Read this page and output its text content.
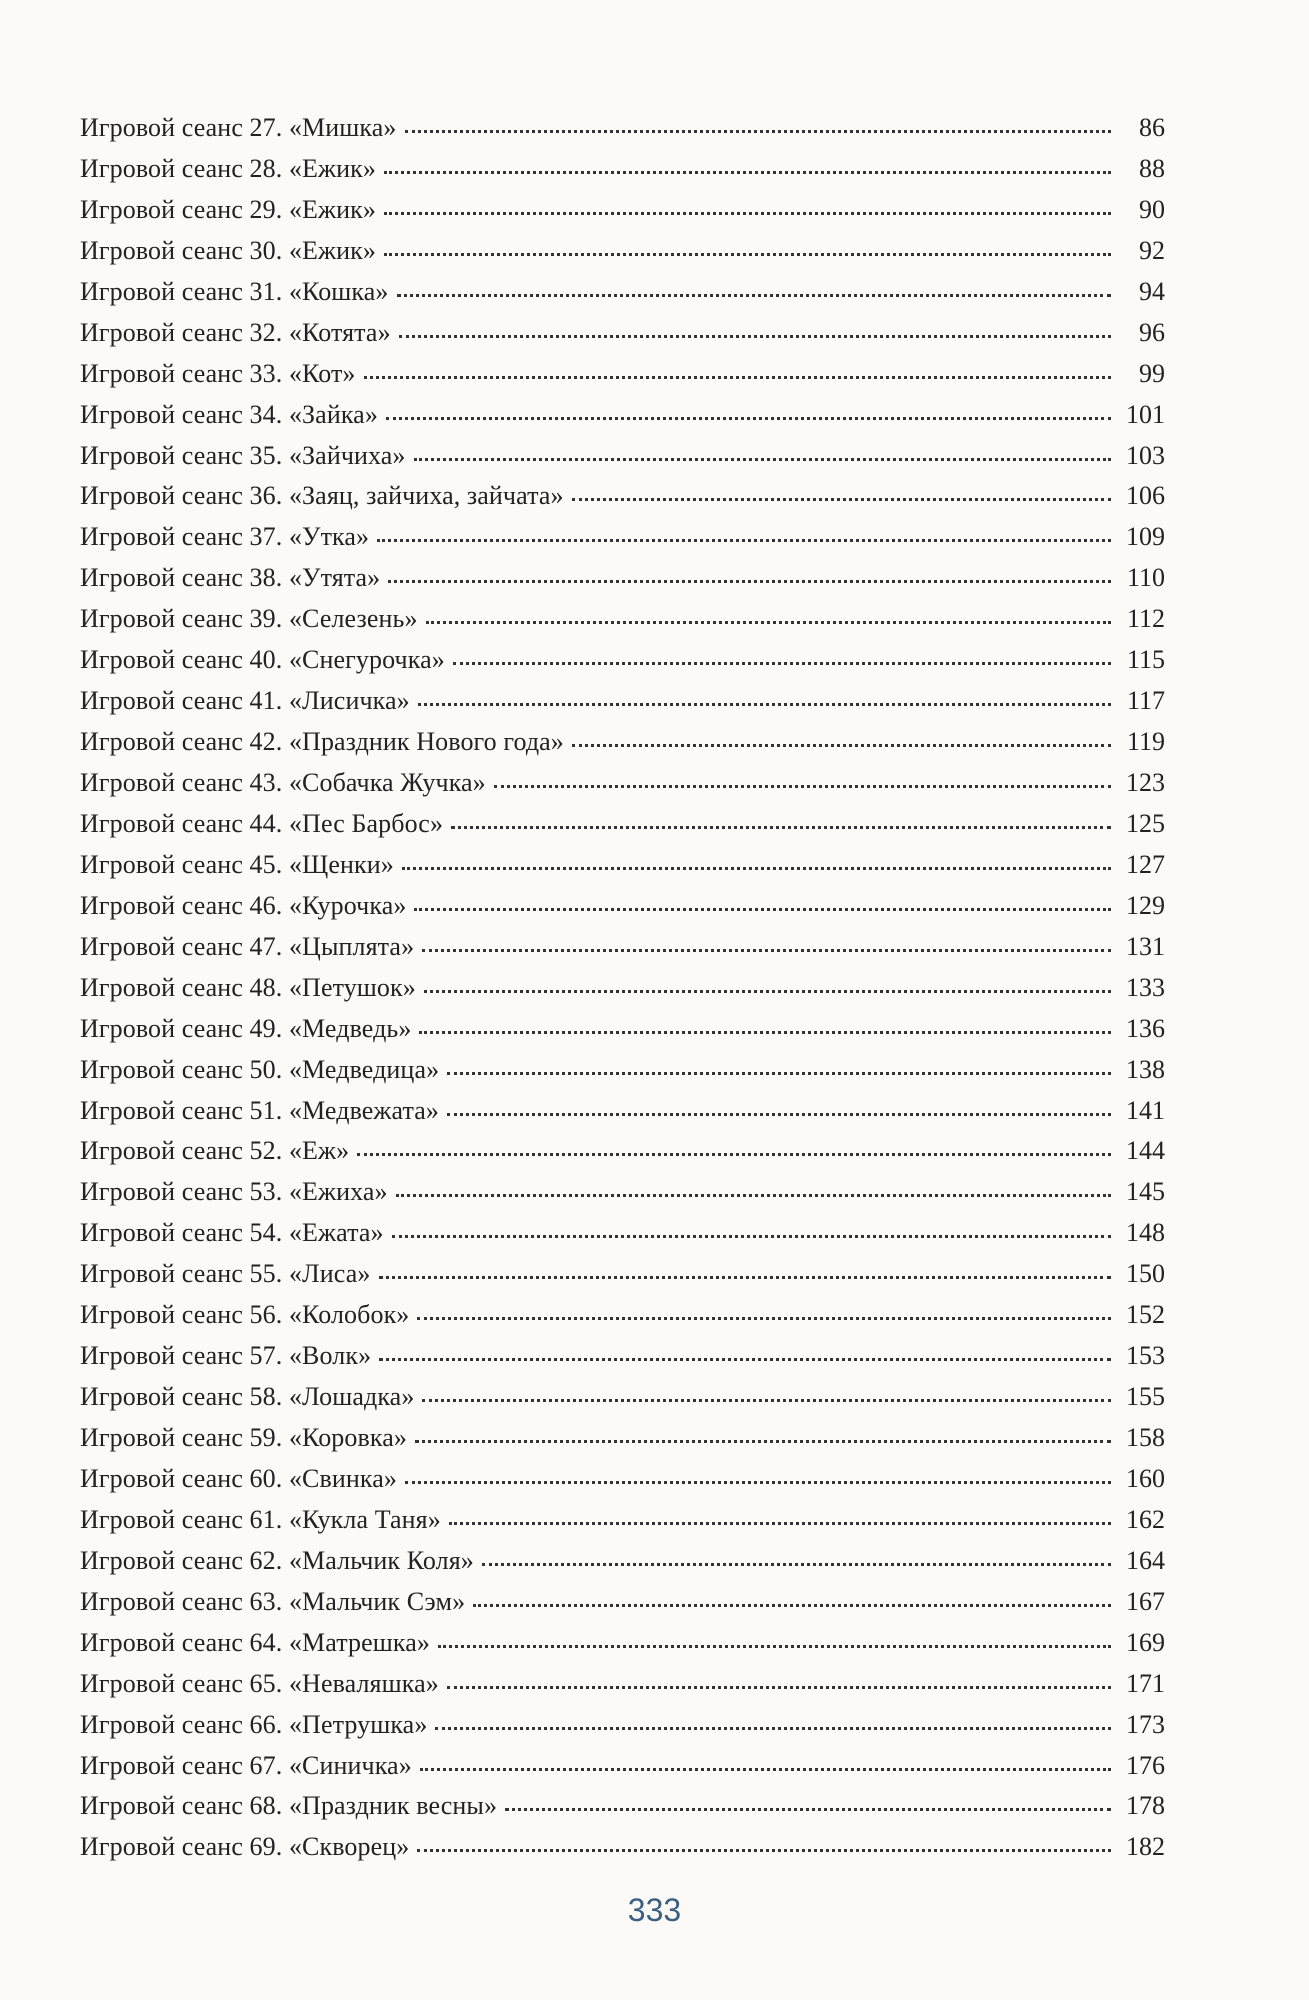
Игровой сеанс 27. «Мишка»	86
Игровой сеанс 28. «Ежик»	88
Игровой сеанс 29. «Ежик»	90
Игровой сеанс 30. «Ежик»	92
Игровой сеанс 31. «Кошка»	94
Игровой сеанс 32. «Котята»	96
Игровой сеанс 33. «Кот»	99
Игровой сеанс 34. «Зайка»	101
Игровой сеанс 35. «Зайчиха»	103
Игровой сеанс 36. «Заяц, зайчиха, зайчата»	106
Игровой сеанс 37. «Утка»	109
Игровой сеанс 38. «Утята»	110
Игровой сеанс 39. «Селезень»	112
Игровой сеанс 40. «Снегурочка»	115
Игровой сеанс 41. «Лисичка»	117
Игровой сеанс 42. «Праздник Нового года»	119
Игровой сеанс 43. «Собачка Жучка»	123
Игровой сеанс 44. «Пес Барбос»	125
Игровой сеанс 45. «Щенки»	127
Игровой сеанс 46. «Курочка»	129
Игровой сеанс 47. «Цыплята»	131
Игровой сеанс 48. «Петушок»	133
Игровой сеанс 49. «Медведь»	136
Игровой сеанс 50. «Медведица»	138
Игровой сеанс 51. «Медвежата»	141
Игровой сеанс 52. «Еж»	144
Игровой сеанс 53. «Ежиха»	145
Игровой сеанс 54. «Ежата»	148
Игровой сеанс 55. «Лиса»	150
Игровой сеанс 56. «Колобок»	152
Игровой сеанс 57. «Волк»	153
Игровой сеанс 58. «Лошадка»	155
Игровой сеанс 59. «Коровка»	158
Игровой сеанс 60. «Свинка»	160
Игровой сеанс 61. «Кукла Таня»	162
Игровой сеанс 62. «Мальчик Коля»	164
Игровой сеанс 63. «Мальчик Сэм»	167
Игровой сеанс 64. «Матрешка»	169
Игровой сеанс 65. «Неваляшка»	171
Игровой сеанс 66. «Петрушка»	173
Игровой сеанс 67. «Синичка»	176
Игровой сеанс 68. «Праздник весны»	178
Игровой сеанс 69. «Скворец»	182
333
